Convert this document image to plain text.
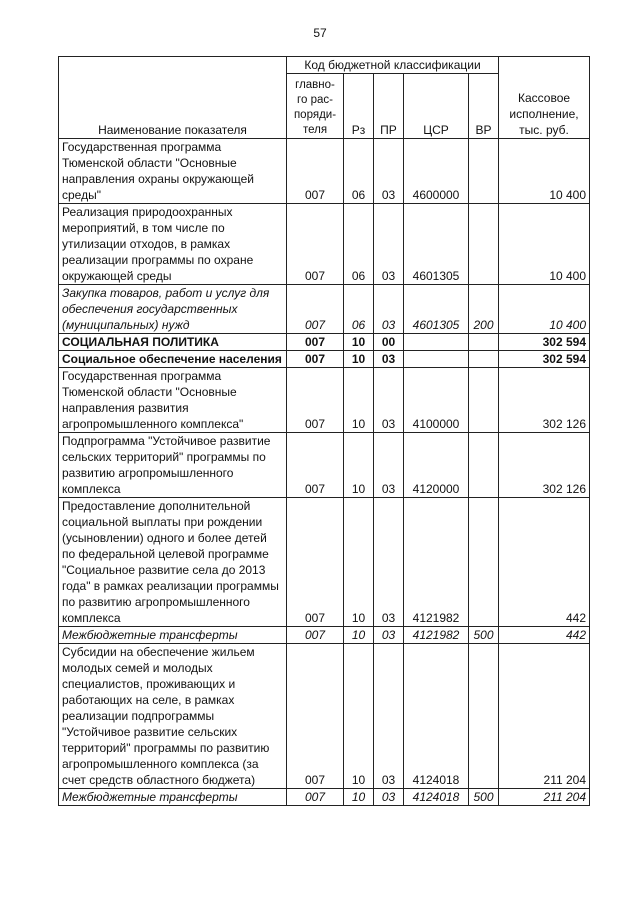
57
Наименование показателя	Код бюджетной классификации					Кассовое исполнение, тыс. руб.
	главно-го рас-поряди-теля	Рз	ПР	ЦСР	ВР	
Государственная программа Тюменской области "Основные направления охраны окружающей среды"	007	06	03	4600000		10 400
Реализация природоохранных мероприятий, в том числе по утилизации отходов, в рамках реализации программы по охране окружающей среды	007	06	03	4601305		10 400
Закупка товаров, работ и услуг для обеспечения государственных (муниципальных) нужд	007	06	03	4601305	200	10 400
СОЦИАЛЬНАЯ ПОЛИТИКА	007	10	00			302 594
Социальное обеспечение населения	007	10	03			302 594
Государственная программа Тюменской области "Основные направления развития агропромышленного комплекса"	007	10	03	4100000		302 126
Подпрограмма "Устойчивое развитие сельских территорий" программы по развитию агропромышленного комплекса	007	10	03	4120000		302 126
Предоставление дополнительной социальной выплаты при рождении (усыновлении) одного и более детей по федеральной целевой программе "Социальное развитие села до 2013 года" в рамках реализации программы по развитию агропромышленного комплекса	007	10	03	4121982		442
Межбюджетные трансферты	007	10	03	4121982	500	442
Субсидии на обеспечение жильем молодых семей и молодых специалистов, проживающих и работающих на селе, в рамках реализации подпрограммы "Устойчивое развитие сельских территорий" программы по развитию агропромышленного комплекса (за счет средств областного бюджета)	007	10	03	4124018		211 204
Межбюджетные трансферты	007	10	03	4124018	500	211 204
